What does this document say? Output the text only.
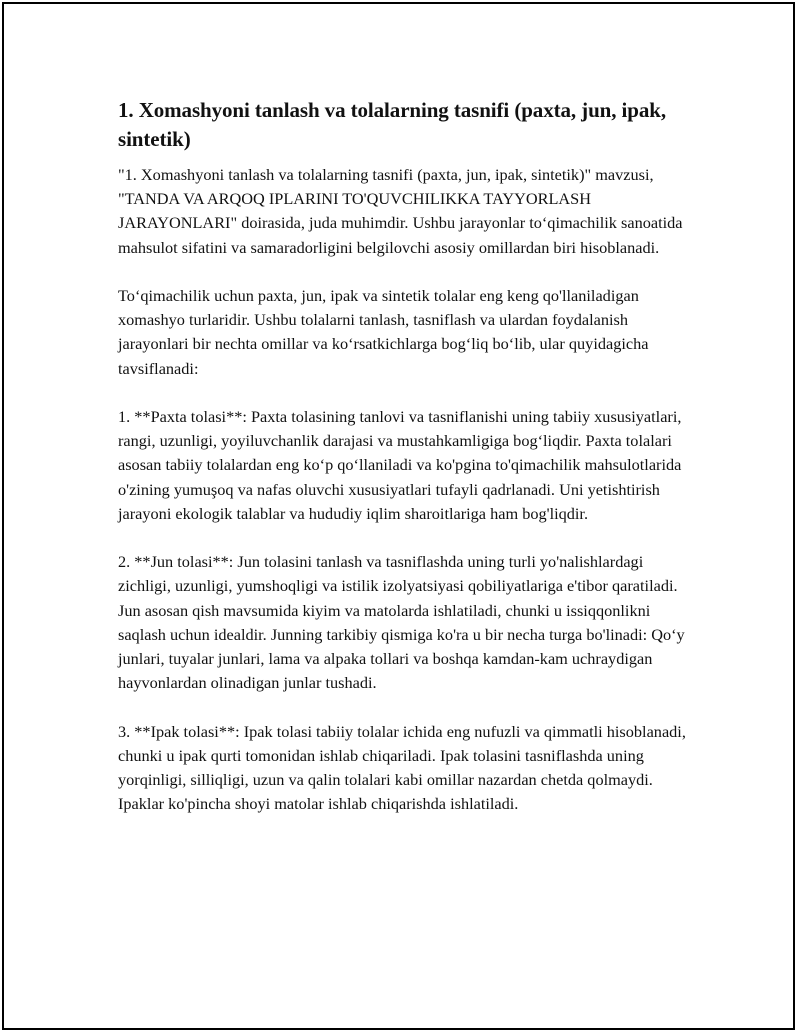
1. Xomashyoni tanlash va tolalarning tasnifi (paxta, jun, ipak, sintetik)

"1. Xomashyoni tanlash va tolalarning tasnifi (paxta, jun, ipak, sintetik)" mavzusi, "TANDA VA ARQOQ IPLARINI TO'QUVCHILIKKA TAYYORLASH JARAYONLARI" doirasida, juda muhimdir. Ushbu jarayonlar to‘qimachilik sanoatida mahsulot sifatini va samaradorligini belgilovchi asosiy omillardan biri hisoblanadi.

To‘qimachilik uchun paxta, jun, ipak va sintetik tolalar eng keng qo'llaniladigan xomashyo turlaridir. Ushbu tolalarni tanlash, tasniflash va ulardan foydalanish jarayonlari bir nechta omillar va ko‘rsatkichlarga bog‘liq bo‘lib, ular quyidagicha tavsiflanadi:

1. **Paxta tolasi**: Paxta tolasining tanlovi va tasniflanishi uning tabiiy xususiyatlari, rangi, uzunligi, yoyiluvchanlik darajasi va mustahkamligiga bog‘liqdir. Paxta tolalari asosan tabiiy tolalardan eng ko‘p qo‘llaniladi va ko'pgina to'qimachilik mahsulotlarida o'zining yumuşoq va nafas oluvchi xususiyatlari tufayli qadrlanadi. Uni yetishtirish jarayoni ekologik talablar va hududiy iqlim sharoitlariga ham bog'liqdir.

2. **Jun tolasi**: Jun tolasini tanlash va tasniflashda uning turli yo'nalishlardagi zichligi, uzunligi, yumshoqligi va istilik izolyatsiyasi qobiliyatlariga e'tibor qaratiladi. Jun asosan qish mavsumida kiyim va matolarda ishlatiladi, chunki u issiqqonlikni saqlash uchun idealdir. Junning tarkibiy qismiga ko'ra u bir necha turga bo'linadi: Qo‘y junlari, tuyalar junlari, lama va alpaka tollari va boshqa kamdan-kam uchraydigan hayvonlardan olinadigan junlar tushadi.

3. **Ipak tolasi**: Ipak tolasi tabiiy tolalar ichida eng nufuzli va qimmatli hisoblanadi, chunki u ipak qurti tomonidan ishlab chiqariladi. Ipak tolasini tasniflashda uning yorqinligi, silliqligi, uzun va qalin tolalari kabi omillar nazardan chetda qolmaydi. Ipaklar ko'pincha shoyi matolar ishlab chiqarishda ishlatiladi.
